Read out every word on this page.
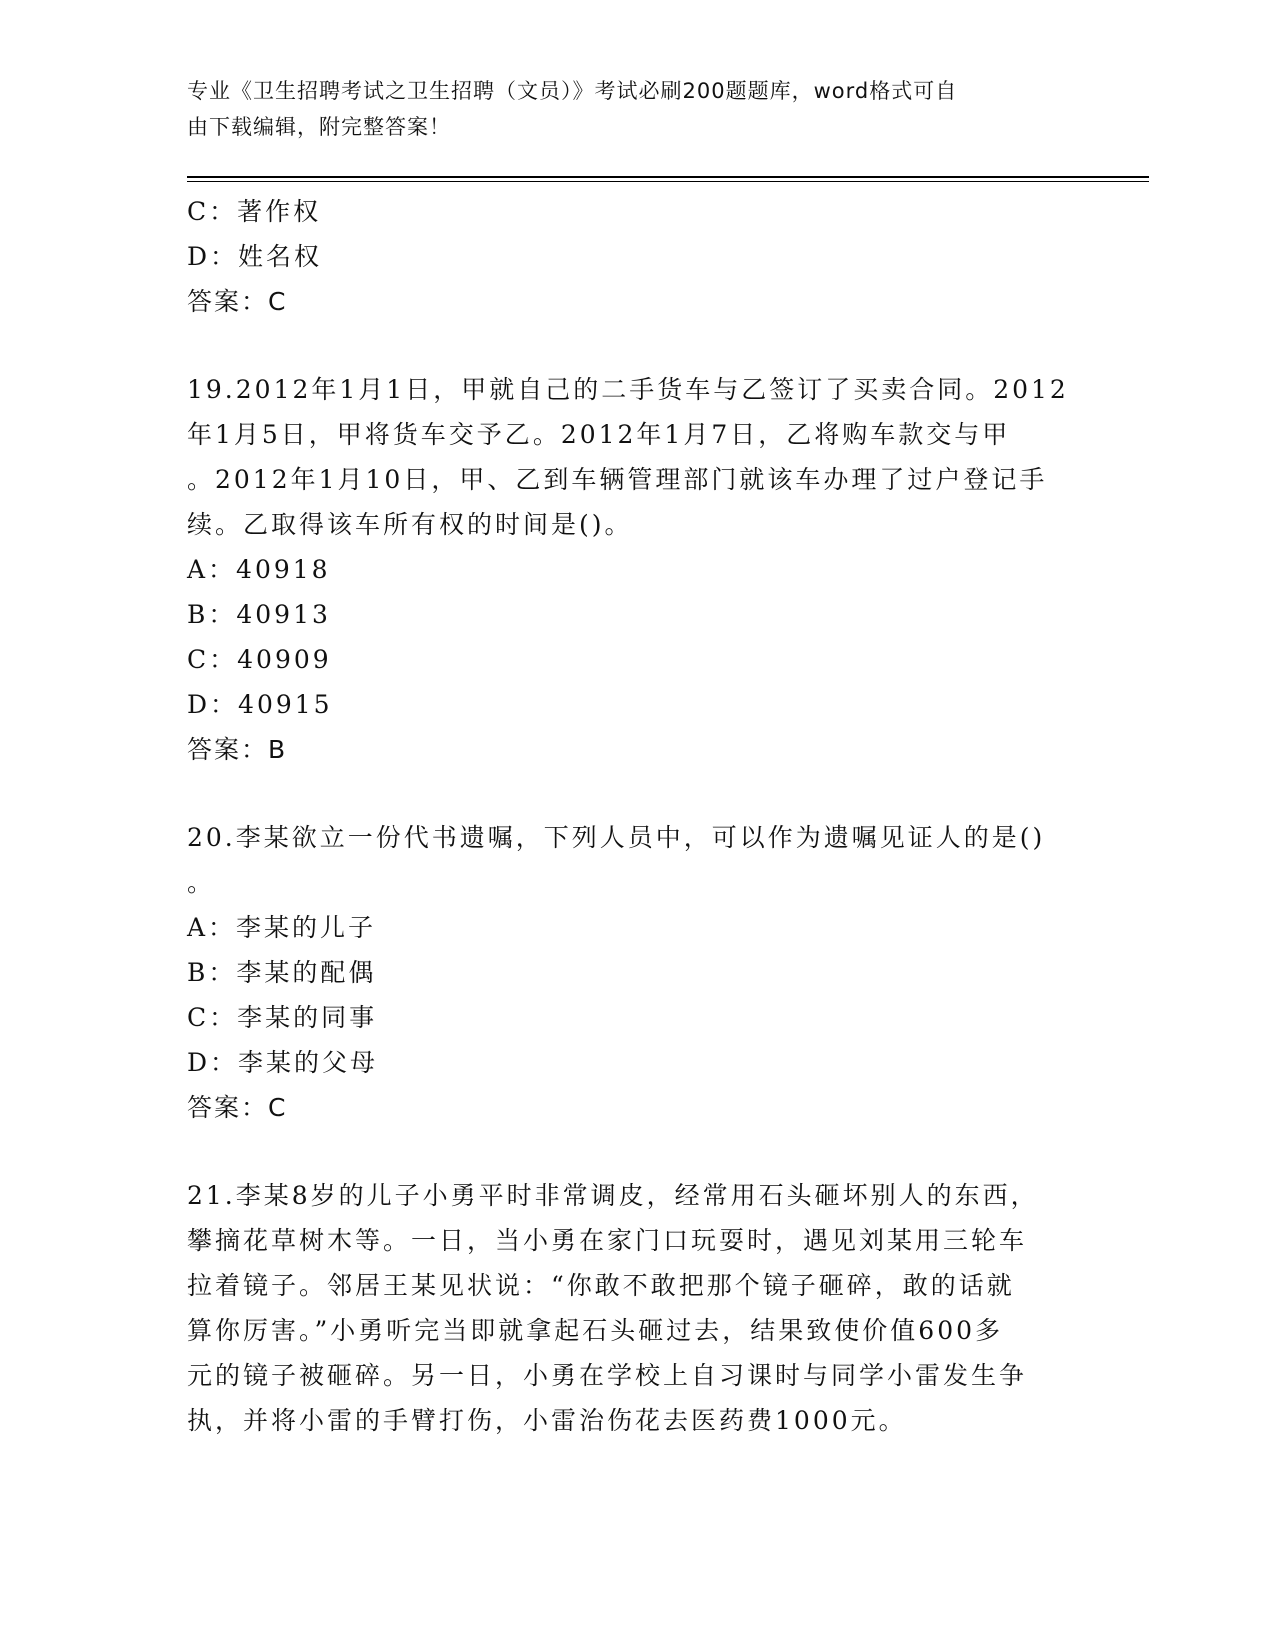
专业《卫生招聘考试之卫生招聘（文员）》考试必刷200题题库，word格式可自
由下载编辑，附完整答案！
C：著作权
D：姓名权
答案：C
19.2012年1月1日，甲就自己的二手货车与乙签订了买卖合同。2012
年1月5日，甲将货车交予乙。2012年1月7日，乙将购车款交与甲
。2012年1月10日，甲、乙到车辆管理部门就该车办理了过户登记手
续。乙取得该车所有权的时间是()。
A：40918
B：40913
C：40909
D：40915
答案：B
20.李某欲立一份代书遗嘱，下列人员中，可以作为遗嘱见证人的是()
。
A：李某的儿子
B：李某的配偶
C：李某的同事
D：李某的父母
答案：C
21.李某8岁的儿子小勇平时非常调皮，经常用石头砸坏别人的东西，
攀摘花草树木等。一日，当小勇在家门口玩耍时，遇见刘某用三轮车
拉着镜子。邻居王某见状说：“你敢不敢把那个镜子砸碎，敢的话就
算你厉害。”小勇听完当即就拿起石头砸过去，结果致使价值600多
元的镜子被砸碎。另一日，小勇在学校上自习课时与同学小雷发生争
执，并将小雷的手臂打伤，小雷治伤花去医药费1000元。
